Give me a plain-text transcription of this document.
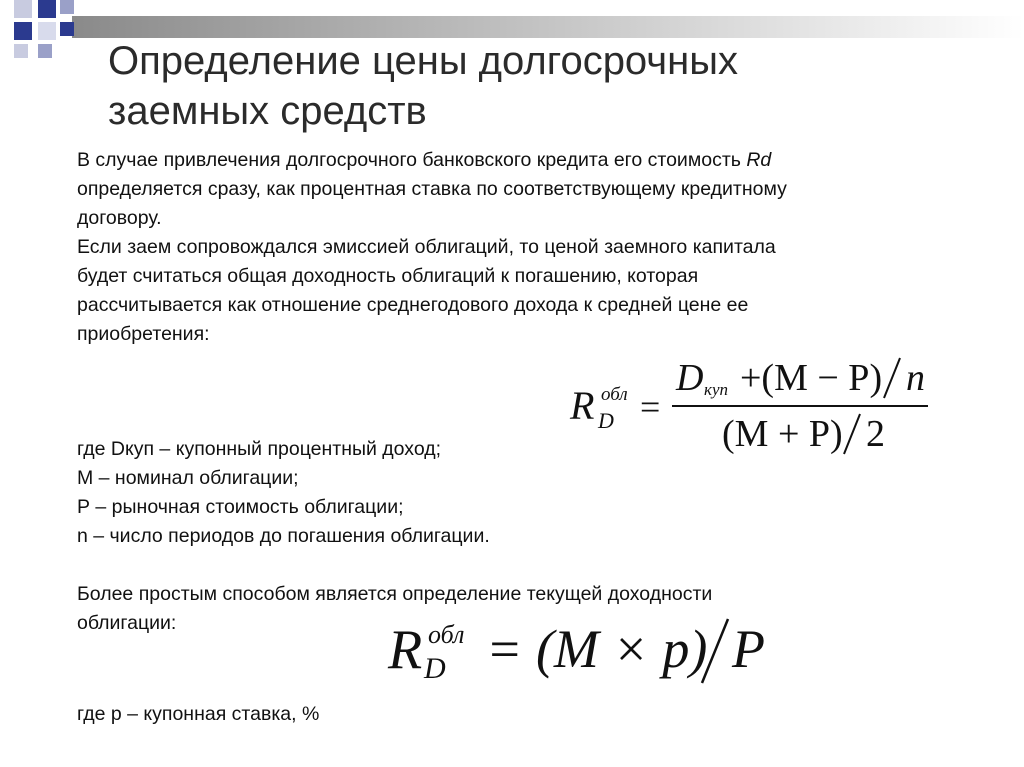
Определение цены долгосрочных
заемных средств

В случае привлечения долгосрочного банковского кредита его стоимость Rd

определяется сразу, как процентная ставка по соответствующему кредитному

договору.

Если заем сопровождался эмиссией облигаций, то ценой заемного капитала

будет считаться общая доходность облигаций к погашению, которая

рассчитывается как отношение среднегодового дохода к средней цене ее

приобретения:

R обл
D =
D куп +(M − P) n
(M + P) 2

где Dкуп – купонный процентный доход;

М – номинал облигации;

Р – рыночная стоимость облигации;

n – число периодов до погашения облигации.

Более простым способом является определение текущей доходности

облигации:	R обл
D = (M × p) P

где р – купонная ставка, %
